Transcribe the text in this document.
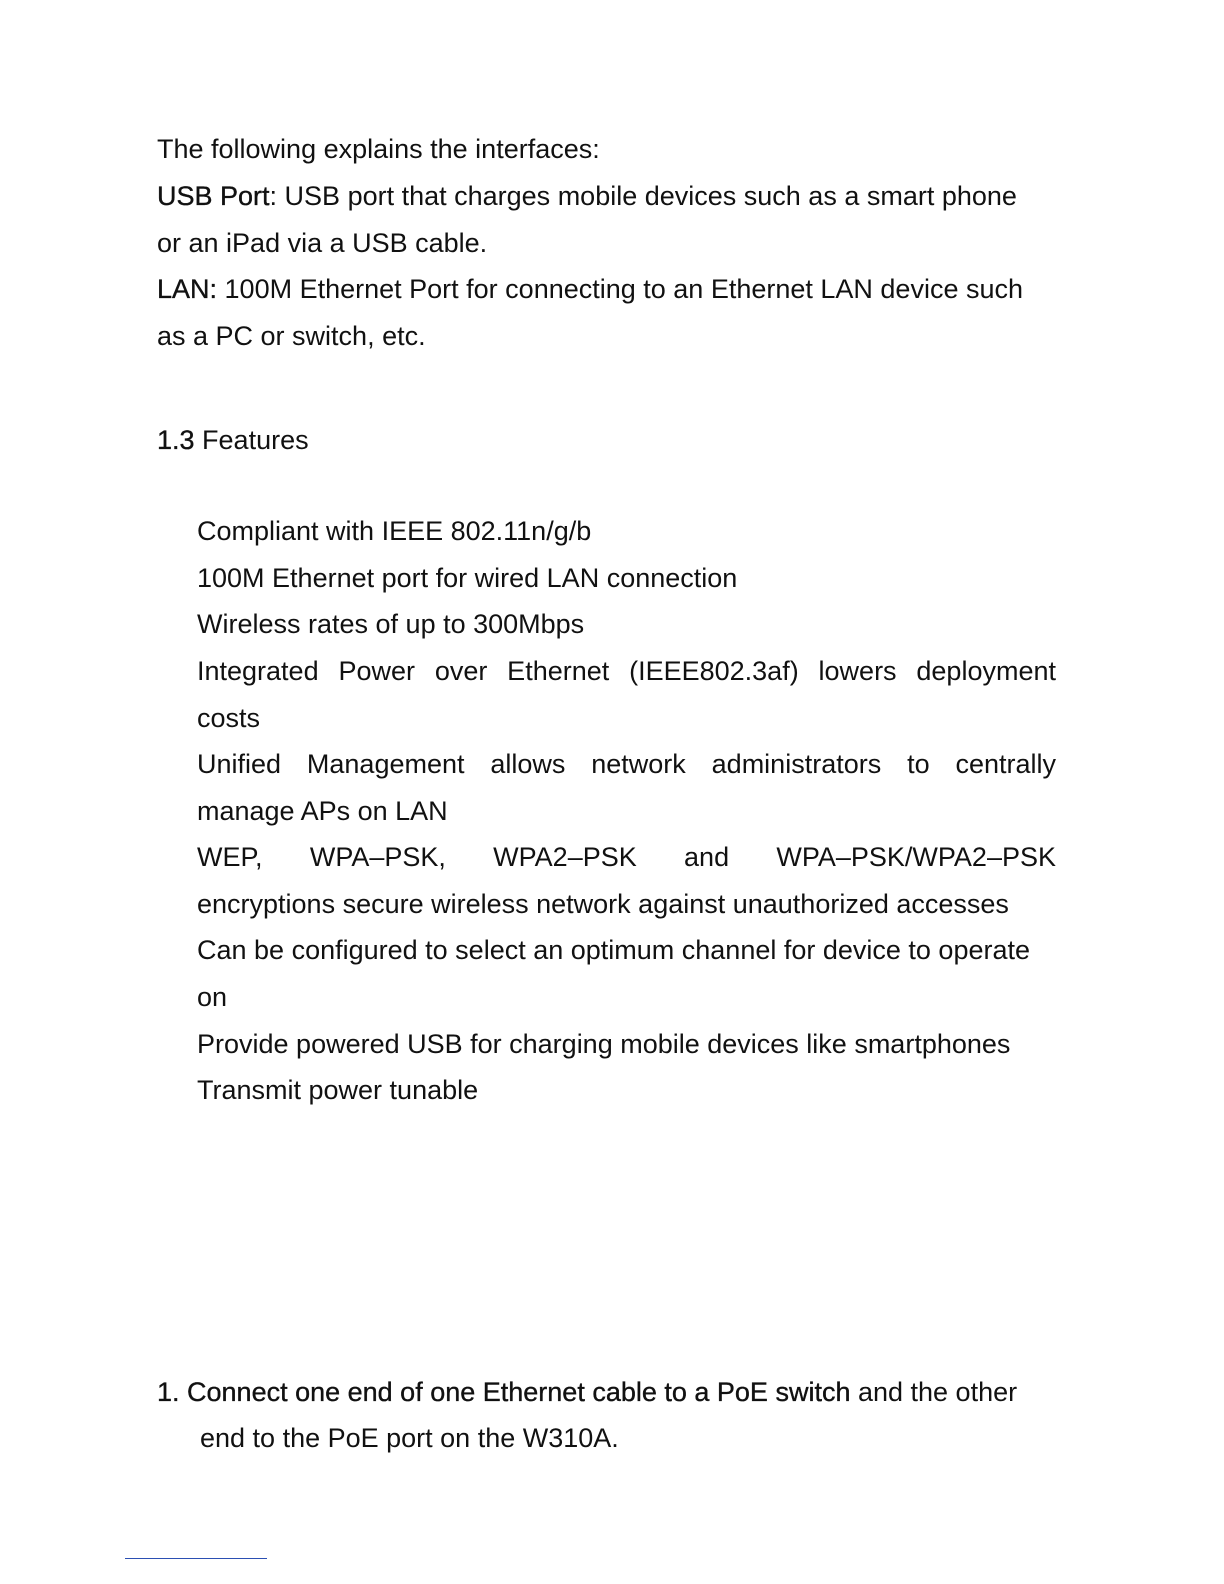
The following explains the interfaces:
USB Port: USB port that charges mobile devices such as a smart phone
or an iPad via a USB cable.
LAN: 100M Ethernet Port for connecting to an Ethernet LAN device such
as a PC or switch, etc.
1.3 Features
Compliant with IEEE 802.11n/g/b
100M Ethernet port for wired LAN connection
Wireless rates of up to 300Mbps
Integrated Power over Ethernet (IEEE802.3af) lowers deployment
costs
Unified Management allows network administrators to centrally
manage APs on LAN
WEP, WPA–PSK, WPA2–PSK and WPA–PSK/WPA2–PSK
encryptions secure wireless network against unauthorized accesses
Can be configured to select an optimum channel for device to operate
on
Provide powered USB for charging mobile devices like smartphones
Transmit power tunable
1. Connect one end of one Ethernet cable to a PoE switch and the other
end to the PoE port on the W310A.
